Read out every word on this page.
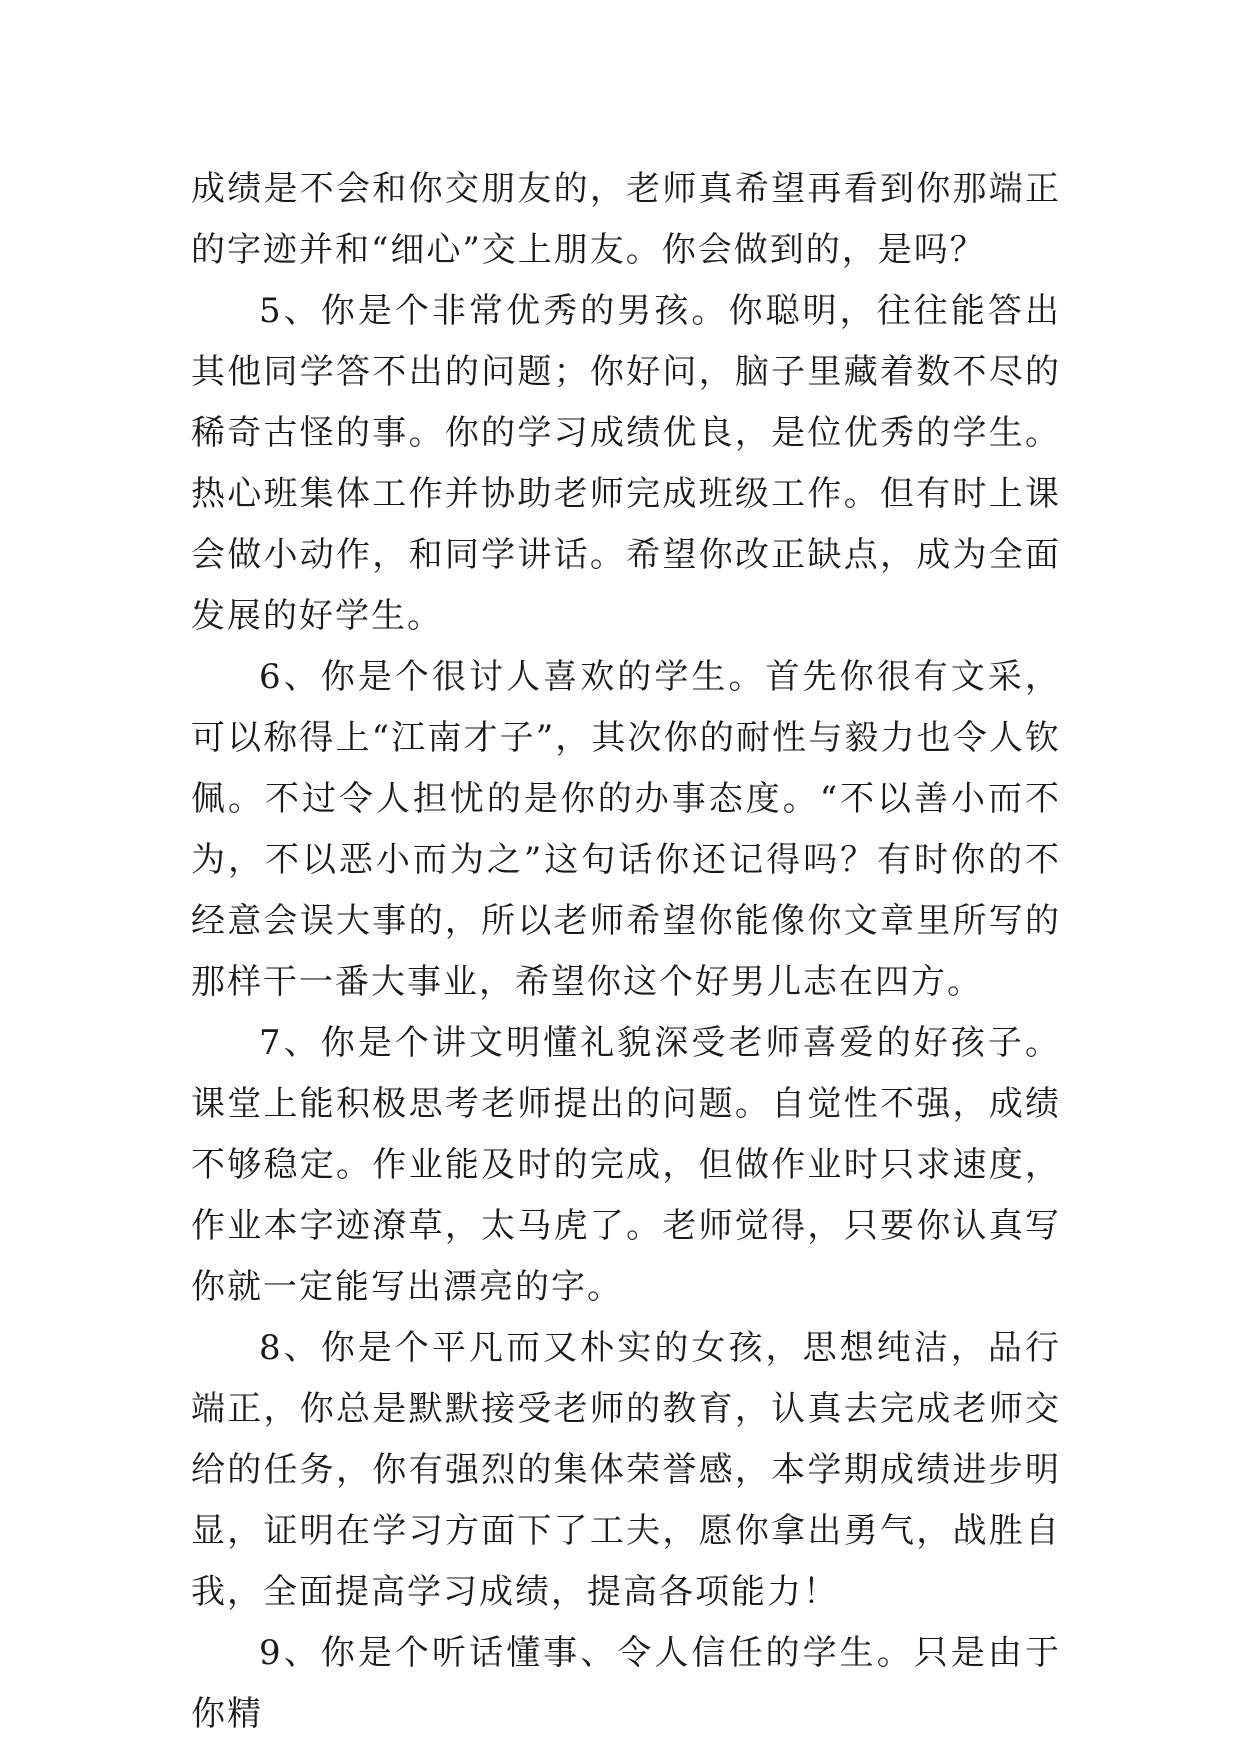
成绩是不会和你交朋友的，老师真希望再看到你那端正的字迹并和“细心”交上朋友。你会做到的，是吗？

5、你是个非常优秀的男孩。你聪明，往往能答出其他同学答不出的问题；你好问，脑子里藏着数不尽的稀奇古怪的事。你的学习成绩优良，是位优秀的学生。热心班集体工作并协助老师完成班级工作。但有时上课会做小动作，和同学讲话。希望你改正缺点，成为全面发展的好学生。

6、你是个很讨人喜欢的学生。首先你很有文采，可以称得上“江南才子”，其次你的耐性与毅力也令人钦佩。不过令人担忧的是你的办事态度。“不以善小而不为，不以恶小而为之”这句话你还记得吗？有时你的不经意会误大事的，所以老师希望你能像你文章里所写的那样干一番大事业，希望你这个好男儿志在四方。

7、你是个讲文明懂礼貌深受老师喜爱的好孩子。课堂上能积极思考老师提出的问题。自觉性不强，成绩不够稳定。作业能及时的完成，但做作业时只求速度，作业本字迹潦草，太马虎了。老师觉得，只要你认真写你就一定能写出漂亮的字。

8、你是个平凡而又朴实的女孩，思想纯洁，品行端正，你总是默默接受老师的教育，认真去完成老师交给的任务，你有强烈的集体荣誉感，本学期成绩进步明显，证明在学习方面下了工夫，愿你拿出勇气，战胜自我，全面提高学习成绩，提高各项能力！

9、你是个听话懂事、令人信任的学生。只是由于你精
